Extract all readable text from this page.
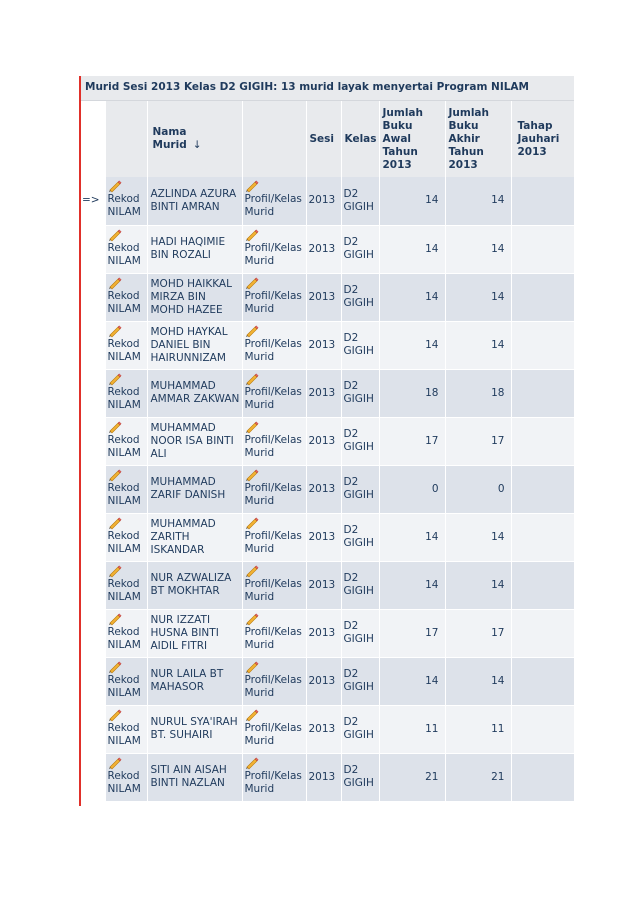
Murid Sesi 2013 Kelas D2 GIGIH: 13 murid layak menyertai Program NILAM
		Nama Murid ↓		Sesi	Kelas	Jumlah
Buku
Awal
Tahun
2013	Jumlah
Buku
Akhir
Tahun
2013	Tahap
Jauhari
2013

=>	Rekod
NILAM	AZLINDA AZURA
BINTI AMRAN	Profil/Kelas
Murid	2013	D2
GIGIH	14	14	

	Rekod
NILAM	HADI HAQIMIE
BIN ROZALI	Profil/Kelas
Murid	2013	D2
GIGIH	14	14	

	Rekod
NILAM	MOHD HAIKKAL
MIRZA BIN
MOHD HAZEE	Profil/Kelas
Murid	2013	D2
GIGIH	14	14	

	Rekod
NILAM	MOHD HAYKAL
DANIEL BIN
HAIRUNNIZAM	Profil/Kelas
Murid	2013	D2
GIGIH	14	14	

	Rekod
NILAM	MUHAMMAD
AMMAR ZAKWAN	Profil/Kelas
Murid	2013	D2
GIGIH	18	18	

	Rekod
NILAM	MUHAMMAD
NOOR ISA BINTI
ALI	Profil/Kelas
Murid	2013	D2
GIGIH	17	17	

	Rekod
NILAM	MUHAMMAD
ZARIF DANISH	Profil/Kelas
Murid	2013	D2
GIGIH	0	0	

	Rekod
NILAM	MUHAMMAD
ZARITH
ISKANDAR	Profil/Kelas
Murid	2013	D2
GIGIH	14	14	

	Rekod
NILAM	NUR AZWALIZA
BT MOKHTAR	Profil/Kelas
Murid	2013	D2
GIGIH	14	14	

	Rekod
NILAM	NUR IZZATI
HUSNA BINTI
AIDIL FITRI	Profil/Kelas
Murid	2013	D2
GIGIH	17	17	

	Rekod
NILAM	NUR LAILA BT
MAHASOR	Profil/Kelas
Murid	2013	D2
GIGIH	14	14	

	Rekod
NILAM	NURUL SYA'IRAH
BT. SUHAIRI	Profil/Kelas
Murid	2013	D2
GIGIH	11	11	

	Rekod
NILAM	SITI AIN AISAH
BINTI NAZLAN	Profil/Kelas
Murid	2013	D2
GIGIH	21	21	
